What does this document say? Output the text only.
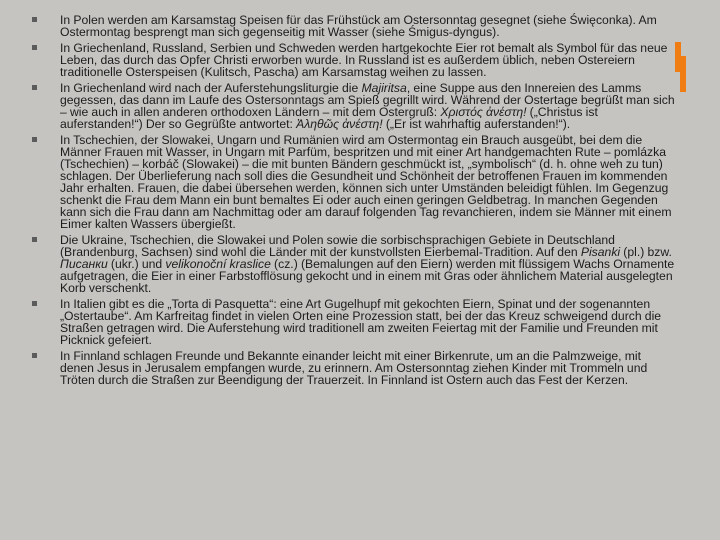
In Polen werden am Karsamstag Speisen für das Frühstück am Ostersonntag gesegnet (siehe Święconka). Am Ostermontag besprengt man sich gegenseitig mit Wasser (siehe Śmigus-dyngus).
In Griechenland, Russland, Serbien und Schweden werden hartgekochte Eier rot bemalt als Symbol für das neue Leben, das durch das Opfer Christi erworben wurde. In Russland ist es außerdem üblich, neben Ostereiern traditionelle Osterspeisen (Kulitsch, Pascha) am Karsamstag weihen zu lassen.
In Griechenland wird nach der Auferstehungsliturgie die Majiritsa, eine Suppe aus den Innereien des Lamms gegessen, das dann im Laufe des Ostersonntags am Spieß gegrillt wird. Während der Ostertage begrüßt man sich – wie auch in allen anderen orthodoxen Ländern – mit dem Ostergruß: Χριστός ἀνέστη! („Christus ist auferstanden!“) Der so Gegrüßte antwortet: Ἀληθῶς ἀνέστη! („Er ist wahrhaftig auferstanden!“).
In Tschechien, der Slowakei, Ungarn und Rumänien wird am Ostermontag ein Brauch ausgeübt, bei dem die Männer Frauen mit Wasser, in Ungarn mit Parfüm, bespritzen und mit einer Art handgemachten Rute – pomlázka (Tschechien) – korbáč (Slowakei) – die mit bunten Bändern geschmückt ist, „symbolisch“ (d. h. ohne weh zu tun) schlagen. Der Überlieferung nach soll dies die Gesundheit und Schönheit der betroffenen Frauen im kommenden Jahr erhalten. Frauen, die dabei übersehen werden, können sich unter Umständen beleidigt fühlen. Im Gegenzug schenkt die Frau dem Mann ein bunt bemaltes Ei oder auch einen geringen Geldbetrag. In manchen Gegenden kann sich die Frau dann am Nachmittag oder am darauf folgenden Tag revanchieren, indem sie Männer mit einem Eimer kalten Wassers übergießt.
Die Ukraine, Tschechien, die Slowakei und Polen sowie die sorbischsprachigen Gebiete in Deutschland (Brandenburg, Sachsen) sind wohl die Länder mit der kunstvollsten Eierbemal-Tradition. Auf den Pisanki (pl.) bzw. Писанки (ukr.) und velikonoční kraslice (cz.) (Bemalungen auf den Eiern) werden mit flüssigem Wachs Ornamente aufgetragen, die Eier in einer Farbstofflösung gekocht und in einem mit Gras oder ähnlichem Material ausgelegten Korb verschenkt.
In Italien gibt es die „Torta di Pasquetta“: eine Art Gugelhupf mit gekochten Eiern, Spinat und der sogenannten „Ostertaube“. Am Karfreitag findet in vielen Orten eine Prozession statt, bei der das Kreuz schweigend durch die Straßen getragen wird. Die Auferstehung wird traditionell am zweiten Feiertag mit der Familie und Freunden mit Picknick gefeiert.
In Finnland schlagen Freunde und Bekannte einander leicht mit einer Birkenrute, um an die Palmzweige, mit denen Jesus in Jerusalem empfangen wurde, zu erinnern. Am Ostersonntag ziehen Kinder mit Trommeln und Tröten durch die Straßen zur Beendigung der Trauerzeit. In Finnland ist Ostern auch das Fest der Kerzen.
